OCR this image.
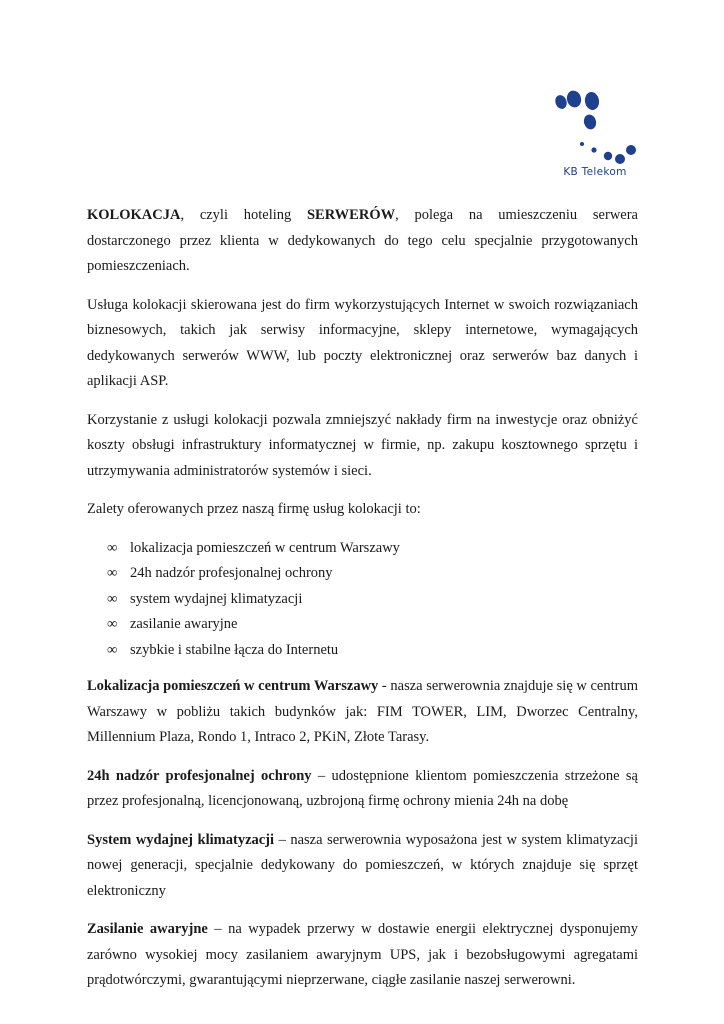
KB Telekom

KOLOKACJA, czyli hoteling SERWERÓW, polega na umieszczeniu serwera dostarczonego przez klienta w dedykowanych do tego celu specjalnie przygotowanych pomieszczeniach.

Usługa kolokacji skierowana jest do firm wykorzystujących Internet w swoich rozwiązaniach biznesowych, takich jak serwisy informacyjne, sklepy internetowe, wymagających dedykowanych serwerów WWW, lub poczty elektronicznej oraz serwerów baz danych i aplikacji ASP.

Korzystanie z usługi kolokacji pozwala zmniejszyć nakłady firm na inwestycje oraz obniżyć koszty obsługi infrastruktury informatycznej w firmie, np. zakupu kosztownego sprzętu i utrzymywania administratorów systemów i sieci.

Zalety oferowanych przez naszą firmę usług kolokacji to:

∞ lokalizacja pomieszczeń w centrum Warszawy
∞ 24h nadzór profesjonalnej ochrony
∞ system wydajnej klimatyzacji
∞ zasilanie awaryjne
∞ szybkie i stabilne łącza do Internetu

Lokalizacja pomieszczeń w centrum Warszawy - nasza serwerownia znajduje się w centrum Warszawy w pobliżu takich budynków jak: FIM TOWER, LIM, Dworzec Centralny, Millennium Plaza, Rondo 1, Intraco 2, PKiN, Złote Tarasy.

24h nadzór profesjonalnej ochrony – udostępnione klientom pomieszczenia strzeżone są przez profesjonalną, licencjonowaną, uzbrojoną firmę ochrony mienia 24h na dobę

System wydajnej klimatyzacji – nasza serwerownia wyposażona jest w system klimatyzacji nowej generacji, specjalnie dedykowany do pomieszczeń, w których znajduje się sprzęt elektroniczny

Zasilanie awaryjne – na wypadek przerwy w dostawie energii elektrycznej dysponujemy zarówno wysokiej mocy zasilaniem awaryjnym UPS, jak i bezobsługowymi agregatami prądotwórczymi, gwarantującymi nieprzerwane, ciągłe zasilanie naszej serwerowni.
